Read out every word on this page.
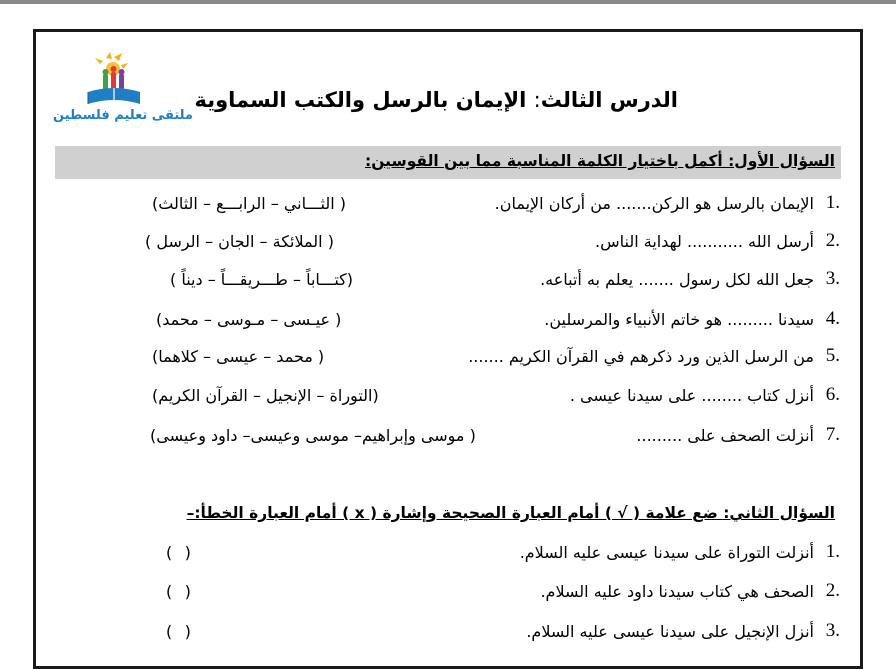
ملتقى تعليم فلسطين
الدرس الثالث: الإيمان بالرسل والكتب السماوية
السؤال الأول: أكمل باختيار الكلمة المناسبة مما بين القوسين:
1.
الإيمان بالرسل هو الركن....... من أركان الإيمان.
( الثـــاني – الرابـــع – الثالث)
2.
أرسل الله ........... لهداية الناس.
( الملائكة – الجان – الرسل )
3.
جعل الله لكل رسول ....... يعلم به أتباعه.
(كتـــاباً – طـــريقـــاً – ديناً )
4.
سيدنا ......... هو خاتم الأنبياء والمرسلين.
( عيـسى – مـوسى – محمد)
5.
من الرسل الذين ورد ذكرهم في القرآن الكريم .......
( محمد – عيسى – كلاهما)
6.
أنزل كتاب ........ على سيدنا عيسى .
(التوراة – الإنجيل – القرآن الكريم)
7.
أنزلت الصحف على .........
( موسى وإبراهيم– موسى وعيسى– داود وعيسى)
السؤال الثاني: ضع علامة ( √ ) أمام العبارة الصحيحة وإشارة ( x ) أمام العبارة الخطأ:–
1.
أنزلت التوراة على سيدنا عيسى عليه السلام.
( )
2.
الصحف هي كتاب سيدنا داود عليه السلام.
( )
3.
أنزل الإنجيل على سيدنا عيسى عليه السلام.
( )
